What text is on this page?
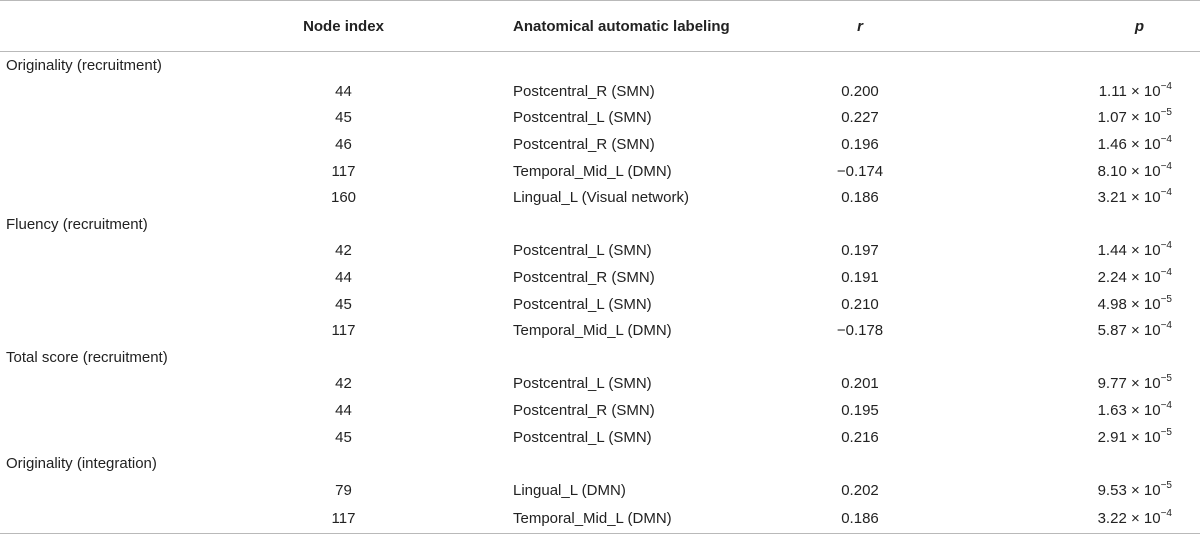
	Node index	Anatomical automatic labeling	r	p
Originality (recruitment)				
	44	Postcentral_R (SMN)	0.200	$1.11 \times 10^{-4}$
	45	Postcentral_L (SMN)	0.227	$1.07 \times 10^{-5}$
	46	Postcentral_R (SMN)	0.196	$1.46 \times 10^{-4}$
	117	Temporal_Mid_L (DMN)	−0.174	$8.10 \times 10^{-4}$
	160	Lingual_L (Visual network)	0.186	$3.21 \times 10^{-4}$
Fluency (recruitment)				
	42	Postcentral_L (SMN)	0.197	$1.44 \times 10^{-4}$
	44	Postcentral_R (SMN)	0.191	$2.24 \times 10^{-4}$
	45	Postcentral_L (SMN)	0.210	$4.98 \times 10^{-5}$
	117	Temporal_Mid_L (DMN)	−0.178	$5.87 \times 10^{-4}$
Total score (recruitment)				
	42	Postcentral_L (SMN)	0.201	$9.77 \times 10^{-5}$
	44	Postcentral_R (SMN)	0.195	$1.63 \times 10^{-4}$
	45	Postcentral_L (SMN)	0.216	$2.91 \times 10^{-5}$
Originality (integration)				
	79	Lingual_L (DMN)	0.202	$9.53 \times 10^{-5}$
	117	Temporal_Mid_L (DMN)	0.186	$3.22 \times 10^{-4}$
